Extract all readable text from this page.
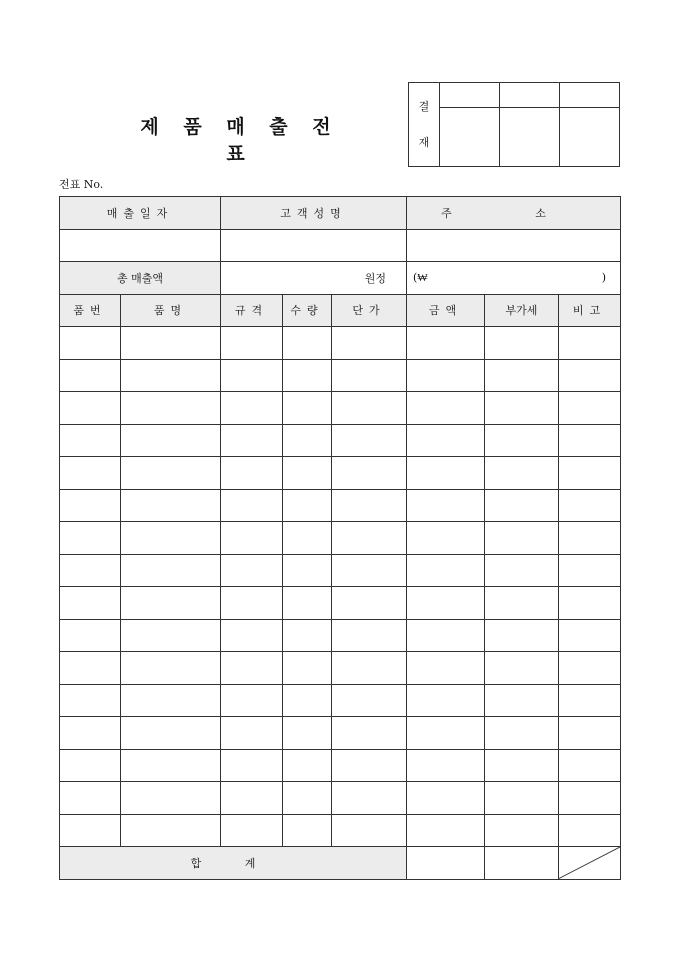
제 품 매 출 전 표
결
재			

전표 No.
매출일자		고객성명			주 소		

총 매출액		원정			(₩ )		

품번	품명	규격	수량	단가	금액	부가세	비고

합 계			
